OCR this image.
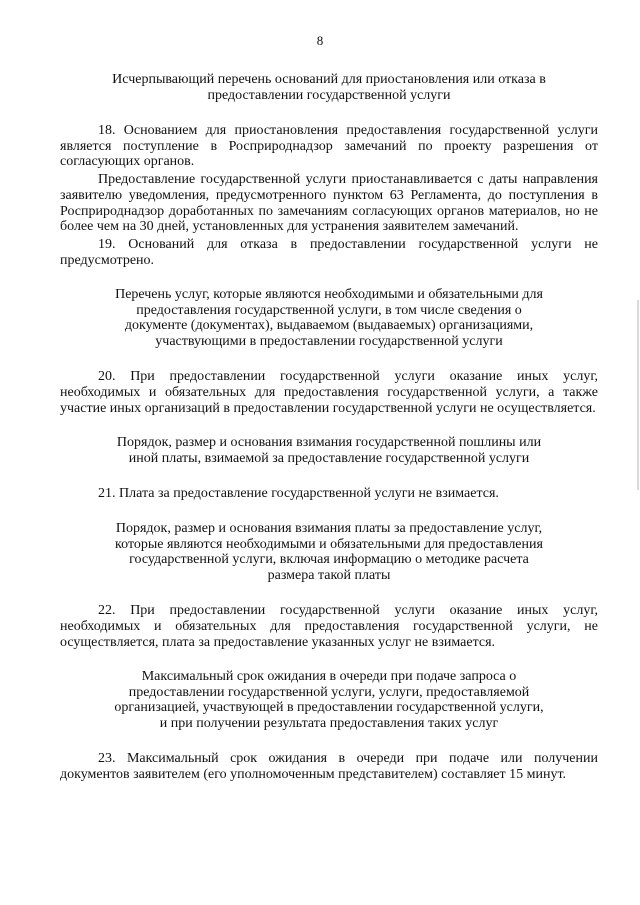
8
Исчерпывающий перечень оснований для приостановления или отказа в
предоставлении государственной услуги

18. Основанием для приостановления предоставления государственной услуги является поступление в Росприроднадзор замечаний по проекту разрешения от согласующих органов.

Предоставление государственной услуги приостанавливается с даты направления заявителю уведомления, предусмотренного пунктом 63 Регламента, до поступления в Росприроднадзор доработанных по замечаниям согласующих органов материалов, но не более чем на 30 дней, установленных для устранения заявителем замечаний.

19. Оснований для отказа в предоставлении государственной услуги не предусмотрено.

Перечень услуг, которые являются необходимыми и обязательными для
предоставления государственной услуги, в том числе сведения о
документе (документах), выдаваемом (выдаваемых) организациями,
участвующими в предоставлении государственной услуги

20. При предоставлении государственной услуги оказание иных услуг, необходимых и обязательных для предоставления государственной услуги, а также участие иных организаций в предоставлении государственной услуги не осуществляется.

Порядок, размер и основания взимания государственной пошлины или
иной платы, взимаемой за предоставление государственной услуги

21. Плата за предоставление государственной услуги не взимается.

Порядок, размер и основания взимания платы за предоставление услуг,
которые являются необходимыми и обязательными для предоставления
государственной услуги, включая информацию о методике расчета
размера такой платы

22. При предоставлении государственной услуги оказание иных услуг, необходимых и обязательных для предоставления государственной услуги, не осуществляется, плата за предоставление указанных услуг не взимается.

Максимальный срок ожидания в очереди при подаче запроса о
предоставлении государственной услуги, услуги, предоставляемой
организацией, участвующей в предоставлении государственной услуги,
и при получении результата предоставления таких услуг

23. Максимальный срок ожидания в очереди при подаче или получении документов заявителем (его уполномоченным представителем) составляет 15 минут.
